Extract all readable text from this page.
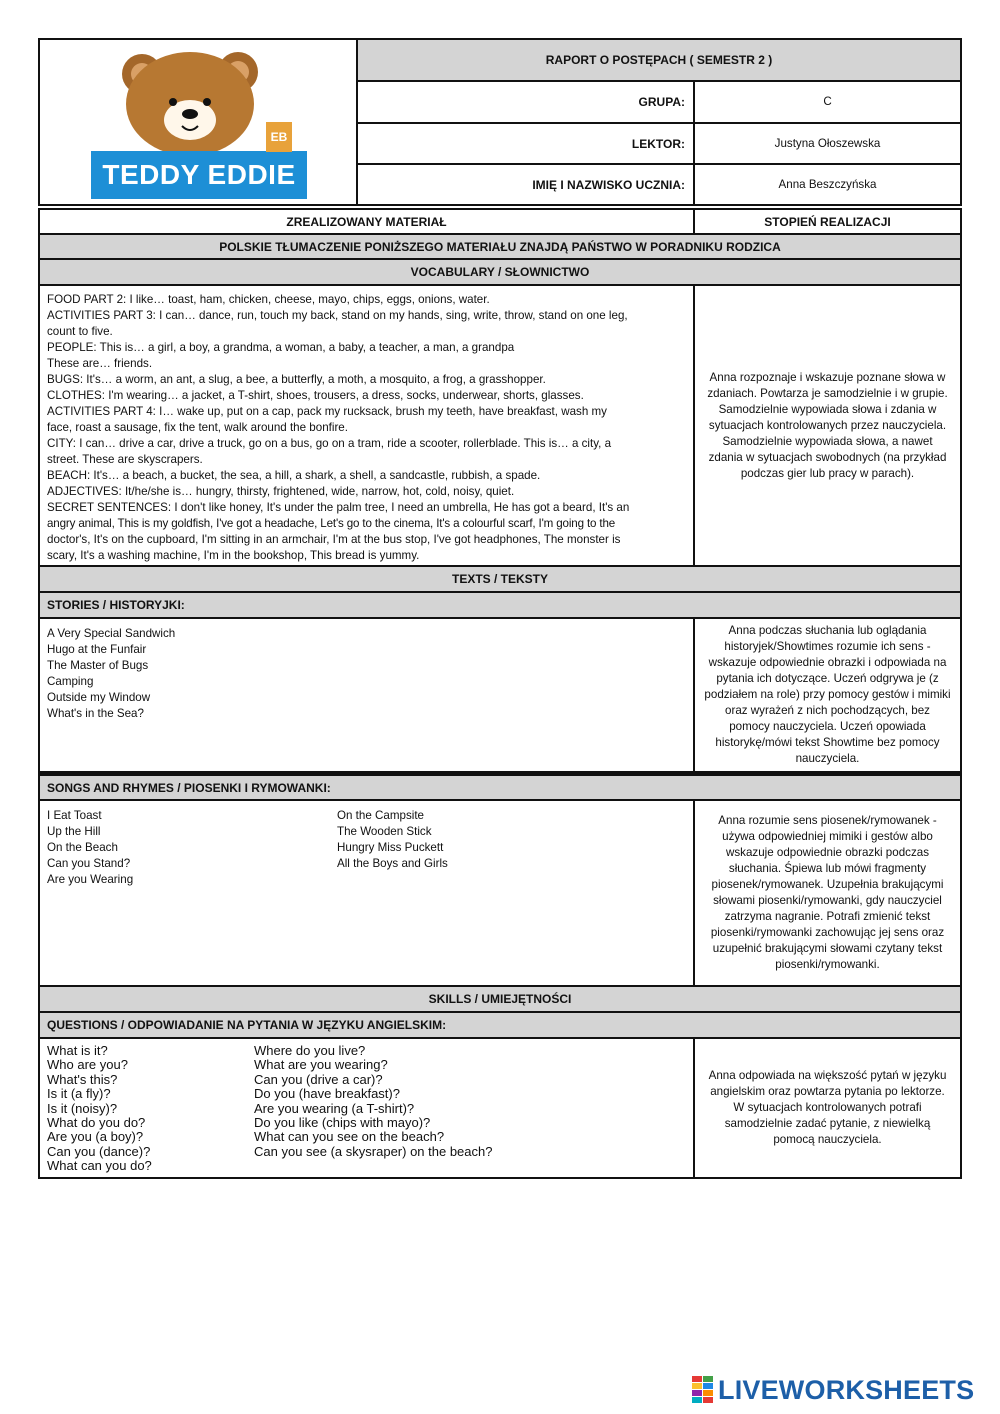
TEDDY EDDIE
EB
RAPORT O POSTĘPACH ( SEMESTR 2 )
GRUPA:	C
LEKTOR:	Justyna Ołoszewska
IMIĘ I NAZWISKO UCZNIA:	Anna Beszczyńska
ZREALIZOWANY MATERIAŁ	STOPIEŃ REALIZACJI
POLSKIE TŁUMACZENIE PONIŻSZEGO MATERIAŁU ZNAJDĄ PAŃSTWO W PORADNIKU RODZICA
VOCABULARY / SŁOWNICTWO
FOOD PART 2: I like… toast, ham, chicken, cheese, mayo, chips, eggs, onions, water.
ACTIVITIES PART 3: I can… dance, run, touch my back, stand on my hands, sing, write, throw, stand on one leg,
count to five.
PEOPLE: This is… a girl, a boy, a grandma, a woman, a baby, a teacher, a man, a grandpa
These are… friends.
BUGS: It's… a worm, an ant, a slug, a bee, a butterfly, a moth, a mosquito, a frog, a grasshopper.
CLOTHES: I'm wearing… a jacket, a T-shirt, shoes, trousers, a dress, socks, underwear, shorts, glasses.
ACTIVITIES PART 4: I… wake up, put on a cap, pack my rucksack, brush my teeth, have breakfast, wash my
face, roast a sausage, fix the tent, walk around the bonfire.
CITY: I can… drive a car, drive a truck, go on a bus, go on a tram, ride a scooter, rollerblade. This is… a city, a
street. These are skyscrapers.
BEACH: It's… a beach, a bucket, the sea, a hill, a shark, a shell, a sandcastle, rubbish, a spade.
ADJECTIVES: It/he/she is… hungry, thirsty, frightened, wide, narrow, hot, cold, noisy, quiet.
SECRET SENTENCES: I don't like honey, It's under the palm tree, I need an umbrella, He has got a beard, It's an
angry animal, This is my goldfish, I've got a headache, Let's go to the cinema, It's a colourful scarf, I'm going to the
doctor's, It's on the cupboard, I'm sitting in an armchair, I'm at the bus stop, I've got headphones, The monster is
scary, It's a washing machine, I'm in the bookshop, This bread is yummy.
Anna rozpoznaje i wskazuje poznane słowa w zdaniach. Powtarza je samodzielnie i w grupie. Samodzielnie wypowiada słowa i zdania w sytuacjach kontrolowanych przez nauczyciela. Samodzielnie wypowiada słowa, a nawet zdania w sytuacjach swobodnych (na przykład podczas gier lub pracy w parach).
TEXTS / TEKSTY
STORIES / HISTORYJKI:
A Very Special Sandwich
Hugo at the Funfair
The Master of Bugs
Camping
Outside my Window
What's in the Sea?
Anna podczas słuchania lub oglądania historyjek/Showtimes rozumie ich sens - wskazuje odpowiednie obrazki i odpowiada na pytania ich dotyczące. Uczeń odgrywa je (z podziałem na role) przy pomocy gestów i mimiki oraz wyrażeń z nich pochodzących, bez pomocy nauczyciela. Uczeń opowiada historykę/mówi tekst Showtime bez pomocy nauczyciela.
SONGS AND RHYMES / PIOSENKI I RYMOWANKI:
I Eat Toast
Up the Hill
On the Beach
Can you Stand?
Are you Wearing
On the Campsite
The Wooden Stick
Hungry Miss Puckett
All the Boys and Girls
Anna rozumie sens piosenek/rymowanek - używa odpowiedniej mimiki i gestów albo wskazuje odpowiednie obrazki podczas słuchania. Śpiewa lub mówi fragmenty piosenek/rymowanek. Uzupełnia brakującymi słowami piosenki/rymowanki, gdy nauczyciel zatrzyma nagranie. Potrafi zmienić tekst piosenki/rymowanki zachowując jej sens oraz uzupełnić brakującymi słowami czytany tekst piosenki/rymowanki.
SKILLS / UMIEJĘTNOŚCI
QUESTIONS / ODPOWIADANIE NA PYTANIA W JĘZYKU ANGIELSKIM:
What is it?
Who are you?
What's this?
Is it (a fly)?
Is it (noisy)?
What do you do?
Are you (a boy)?
Can you (dance)?
What can you do?
Where do you live?
What are you wearing?
Can you (drive a car)?
Do you (have breakfast)?
Are you wearing (a T-shirt)?
Do you like (chips with mayo)?
What can you see on the beach?
Can you see (a skysraper) on the beach?
Anna odpowiada na większość pytań w języku angielskim oraz powtarza pytania po lektorze. W sytuacjach kontrolowanych potrafi samodzielnie zadać pytanie, z niewielką pomocą nauczyciela.
LIVEWORKSHEETS
